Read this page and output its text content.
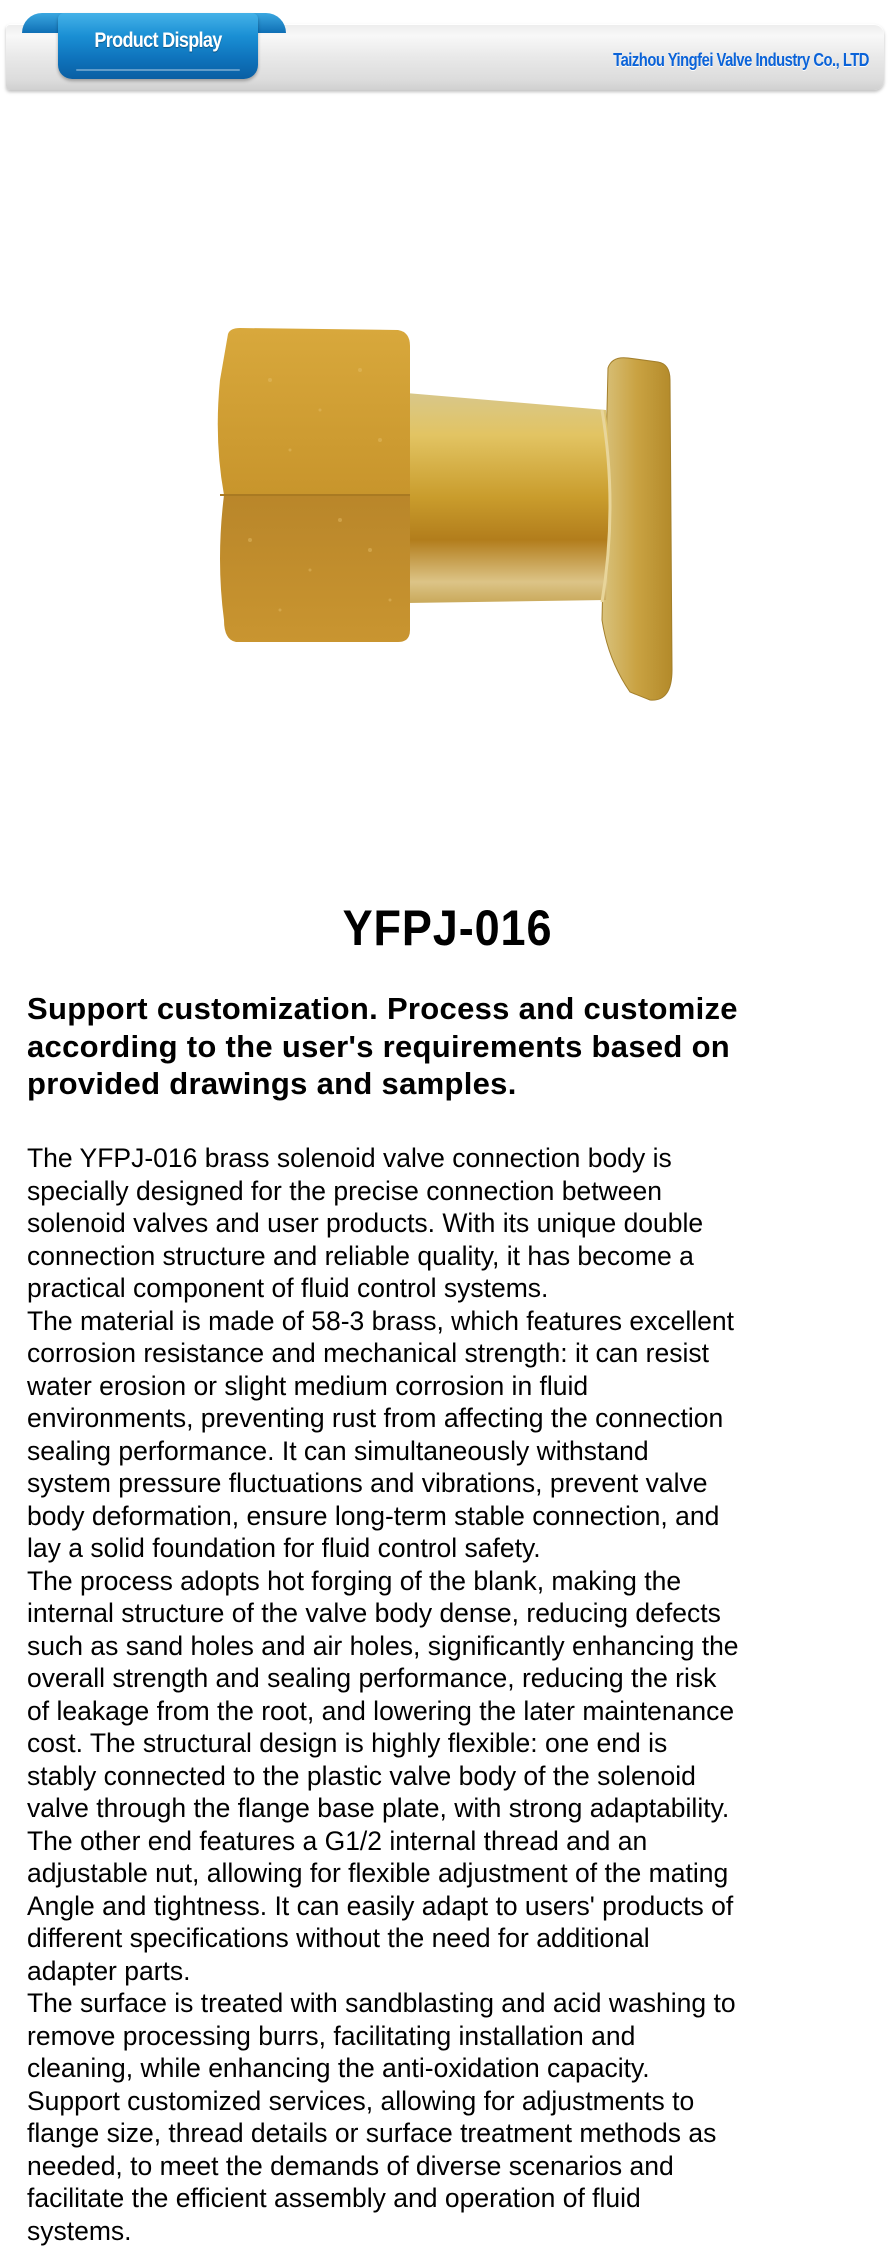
Product Display
Taizhou Yingfei Valve Industry Co., LTD
YFPJ-016
Support customization. Process and customize
according to the user's requirements based on
provided drawings and samples.
The YFPJ-016 brass solenoid valve connection body is
specially designed for the precise connection between
solenoid valves and user products. With its unique double
connection structure and reliable quality, it has become a
practical component of fluid control systems.
The material is made of 58-3 brass, which features excellent
corrosion resistance and mechanical strength: it can resist
water erosion or slight medium corrosion in fluid
environments, preventing rust from affecting the connection
sealing performance. It can simultaneously withstand
system pressure fluctuations and vibrations, prevent valve
body deformation, ensure long-term stable connection, and
lay a solid foundation for fluid control safety.
The process adopts hot forging of the blank, making the
internal structure of the valve body dense, reducing defects
such as sand holes and air holes, significantly enhancing the
overall strength and sealing performance, reducing the risk
of leakage from the root, and lowering the later maintenance
cost. The structural design is highly flexible: one end is
stably connected to the plastic valve body of the solenoid
valve through the flange base plate, with strong adaptability.
The other end features a G1/2 internal thread and an
adjustable nut, allowing for flexible adjustment of the mating
Angle and tightness. It can easily adapt to users' products of
different specifications without the need for additional
adapter parts.
The surface is treated with sandblasting and acid washing to
remove processing burrs, facilitating installation and
cleaning, while enhancing the anti-oxidation capacity.
Support customized services, allowing for adjustments to
flange size, thread details or surface treatment methods as
needed, to meet the demands of diverse scenarios and
facilitate the efficient assembly and operation of fluid
systems.
